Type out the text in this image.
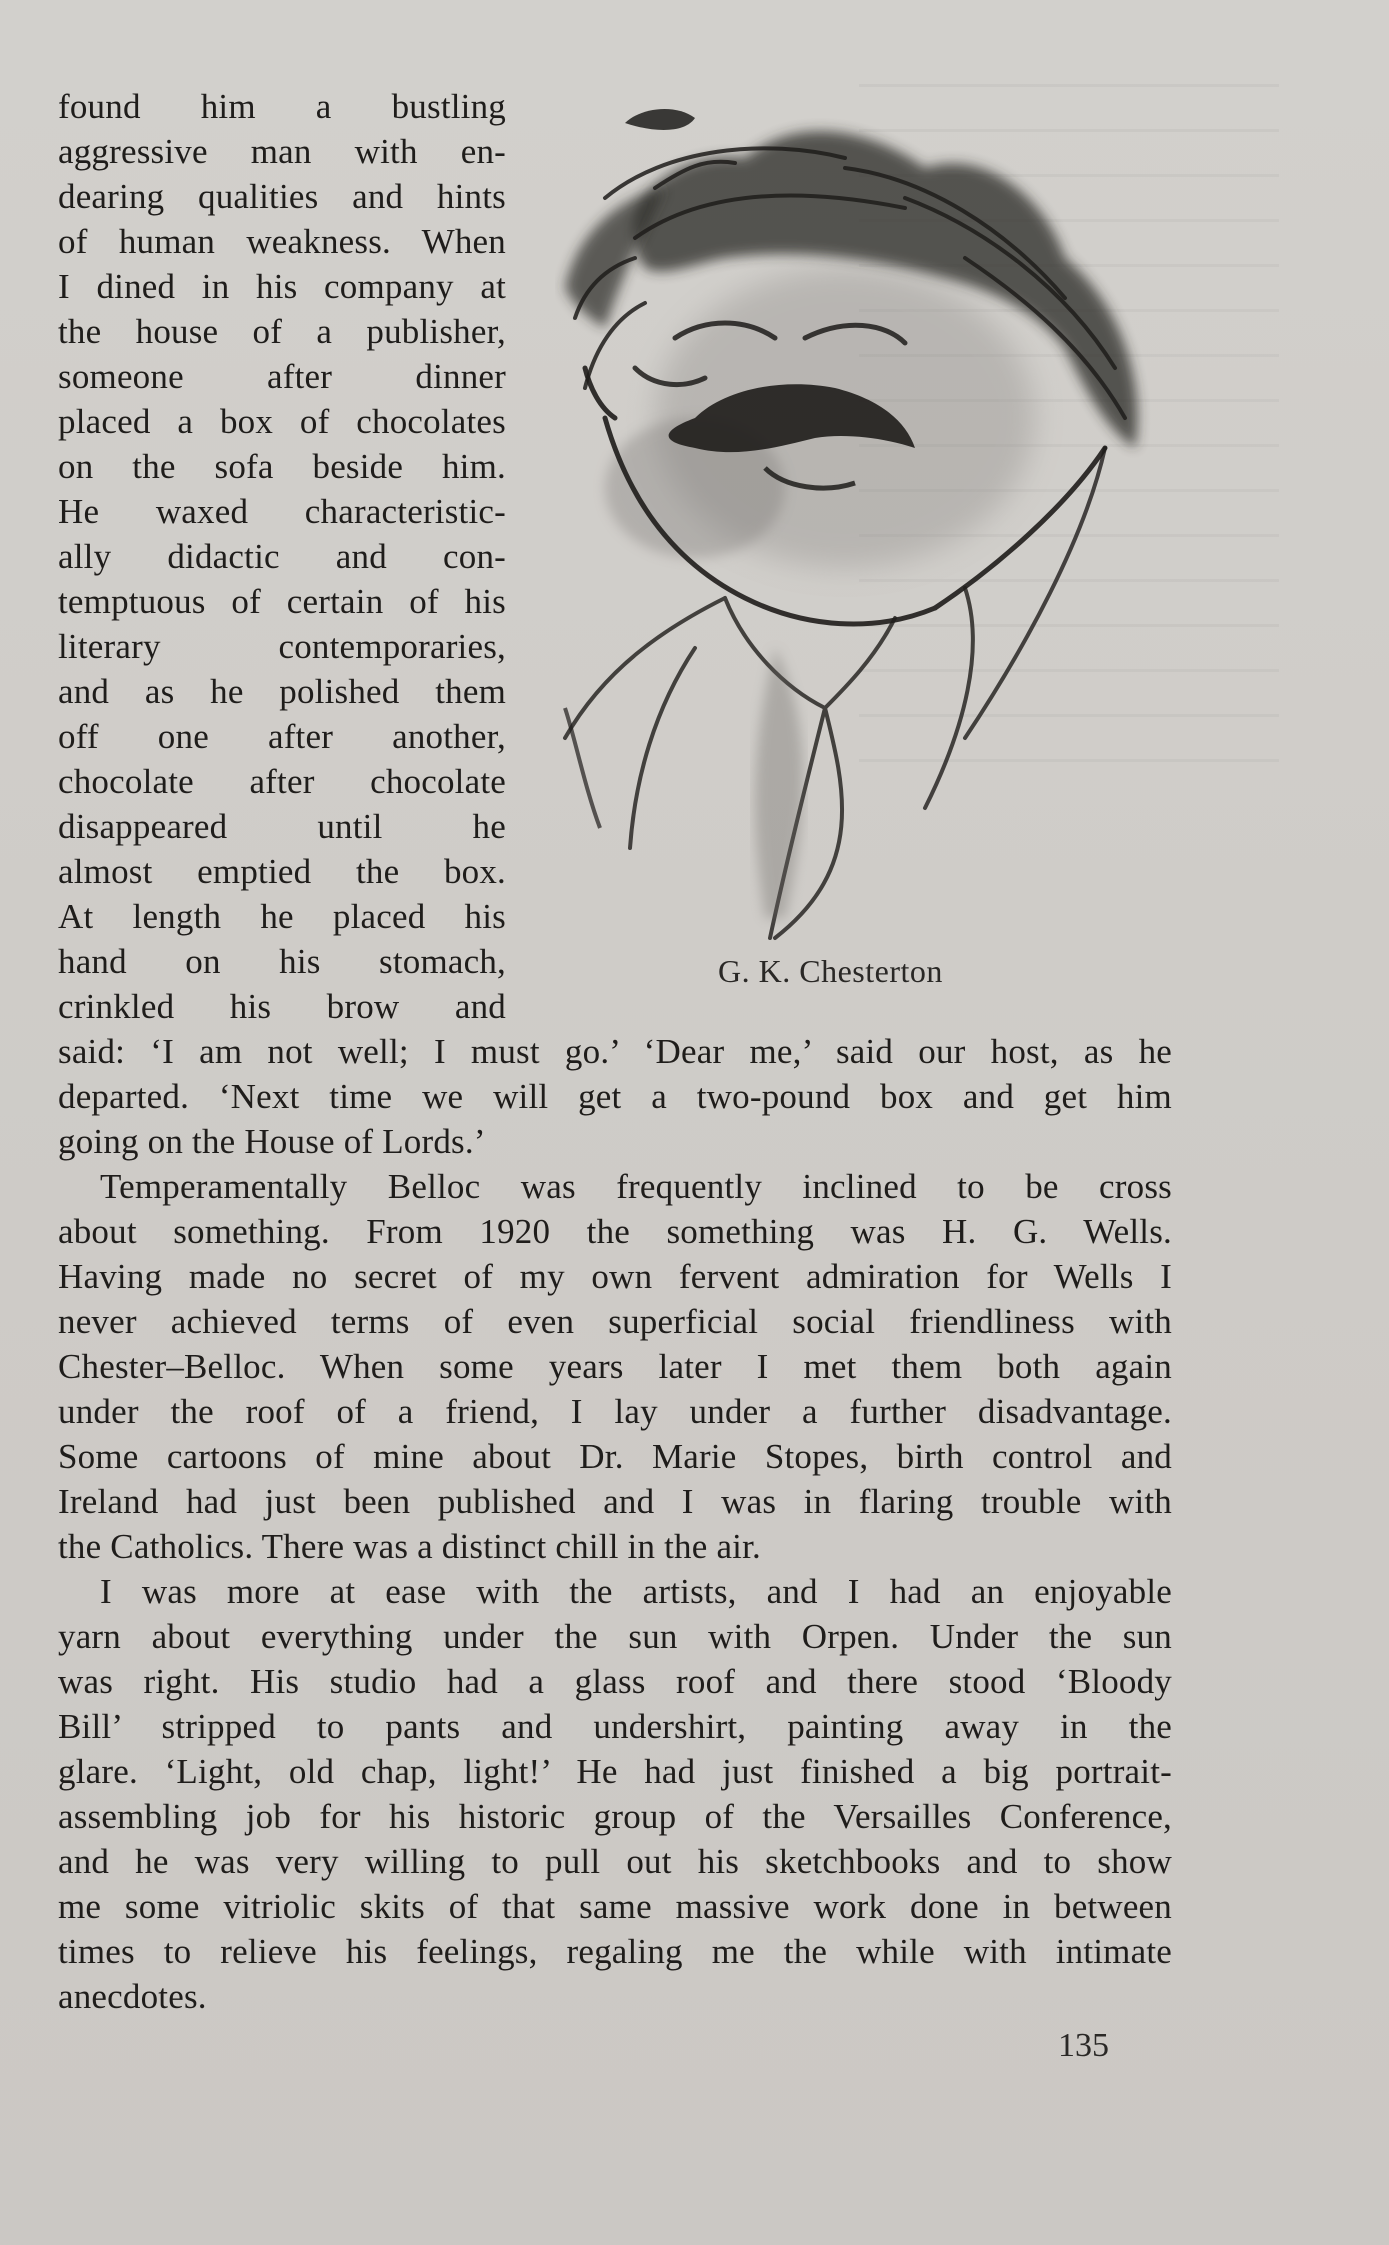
found him a bustling
aggressive man with en-
dearing qualities and hints
of human weakness. When
I dined in his company at
the house of a publisher,
someone after dinner
placed a box of chocolates
on the sofa beside him.
He waxed characteristic-
ally didactic and con-
temptuous of certain of his
literary contemporaries,
and as he polished them
off one after another,
chocolate after chocolate
disappeared until he
almost emptied the box.
At length he placed his
hand on his stomach,
crinkled his brow and
G. K. Chesterton
said: ‘I am not well; I must go.’ ‘Dear me,’ said our host, as he
departed. ‘Next time we will get a two-pound box and get him
going on the House of Lords.’
Temperamentally Belloc was frequently inclined to be cross
about something. From 1920 the something was H. G. Wells.
Having made no secret of my own fervent admiration for Wells I
never achieved terms of even superficial social friendliness with
Chester–Belloc. When some years later I met them both again
under the roof of a friend, I lay under a further disadvantage.
Some cartoons of mine about Dr. Marie Stopes, birth control and
Ireland had just been published and I was in flaring trouble with
the Catholics. There was a distinct chill in the air.
I was more at ease with the artists, and I had an enjoyable
yarn about everything under the sun with Orpen. Under the sun
was right. His studio had a glass roof and there stood ‘Bloody
Bill’ stripped to pants and undershirt, painting away in the
glare. ‘Light, old chap, light!’ He had just finished a big portrait-
assembling job for his historic group of the Versailles Conference,
and he was very willing to pull out his sketchbooks and to show
me some vitriolic skits of that same massive work done in between
times to relieve his feelings, regaling me the while with intimate
anecdotes.
135
